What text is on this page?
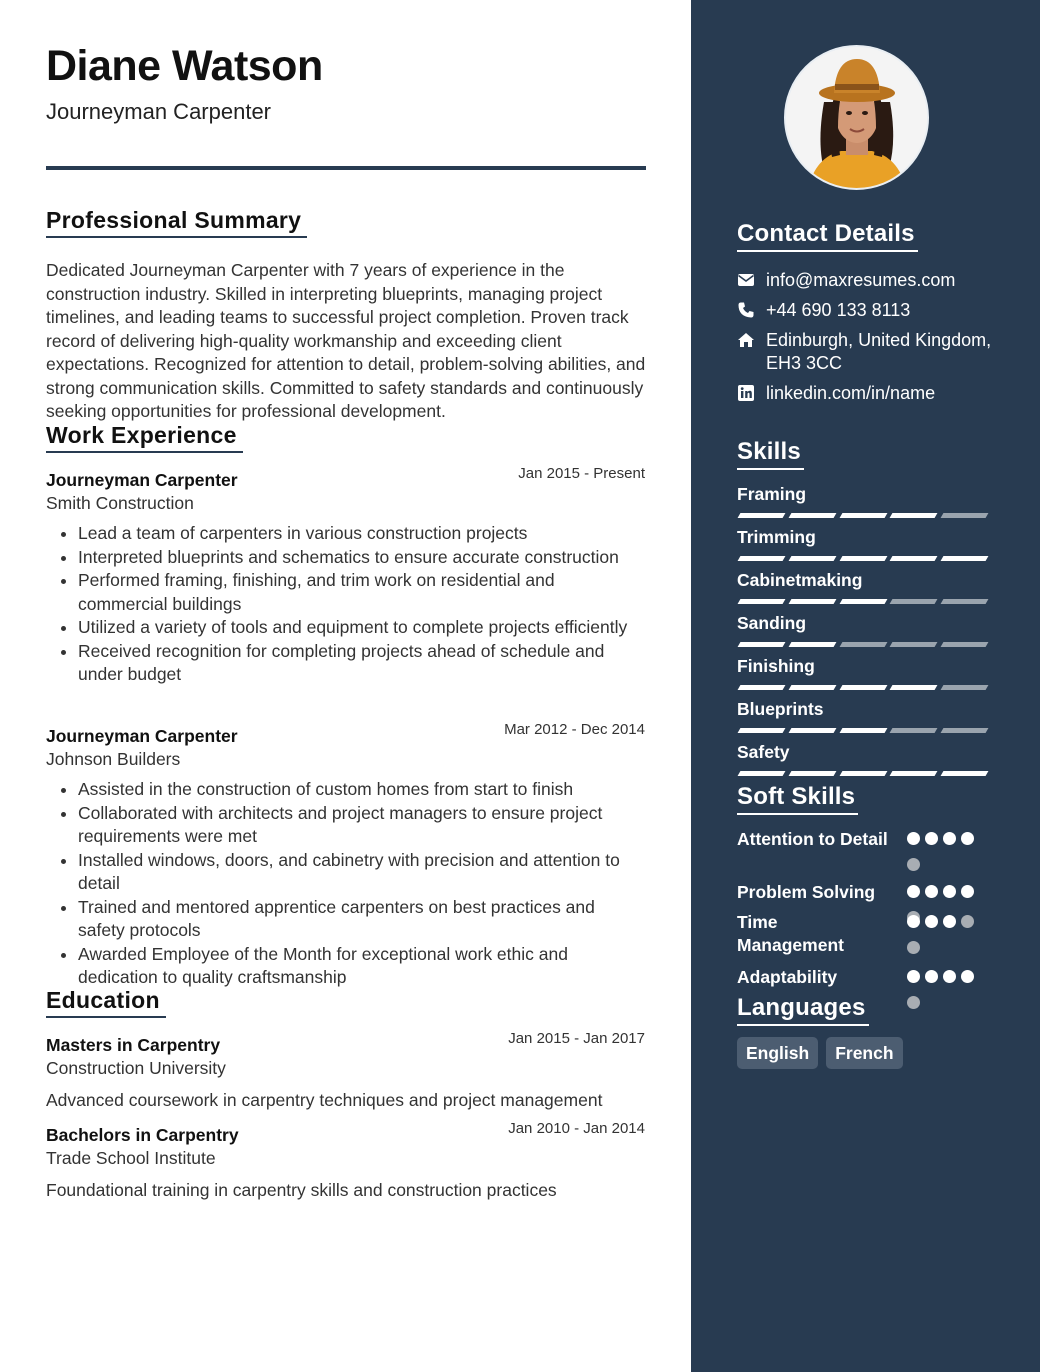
Diane Watson
Journeyman Carpenter
Professional Summary

Dedicated Journeyman Carpenter with 7 years of experience in the construction industry. Skilled in interpreting blueprints, managing project timelines, and leading teams to successful project completion. Proven track record of delivering high-quality workmanship and exceeding client expectations. Recognized for attention to detail, problem-solving abilities, and strong communication skills. Committed to safety standards and continuously seeking opportunities for professional development.

Work Experience
Journeyman Carpenter	Jan 2015 - Present
Smith Construction
• Lead a team of carpenters in various construction projects
• Interpreted blueprints and schematics to ensure accurate construction
• Performed framing, finishing, and trim work on residential and commercial buildings
• Utilized a variety of tools and equipment to complete projects efficiently
• Received recognition for completing projects ahead of schedule and under budget
Journeyman Carpenter	Mar 2012 - Dec 2014
Johnson Builders
• Assisted in the construction of custom homes from start to finish
• Collaborated with architects and project managers to ensure project requirements were met
• Installed windows, doors, and cabinetry with precision and attention to detail
• Trained and mentored apprentice carpenters on best practices and safety protocols
• Awarded Employee of the Month for exceptional work ethic and dedication to quality craftsmanship
Education
Masters in Carpentry	Jan 2015 - Jan 2017
Construction University
Advanced coursework in carpentry techniques and project management
Bachelors in Carpentry	Jan 2010 - Jan 2014
Trade School Institute
Foundational training in carpentry skills and construction practices
Contact Details
info@maxresumes.com
+44 690 133 8113
Edinburgh, United Kingdom, EH3 3CC
linkedin.com/in/name
Skills
Framing
Trimming
Cabinetmaking
Sanding
Finishing
Blueprints
Safety
Soft Skills
Attention to Detail
Problem Solving
Time Management
Adaptability
Languages
English	French
